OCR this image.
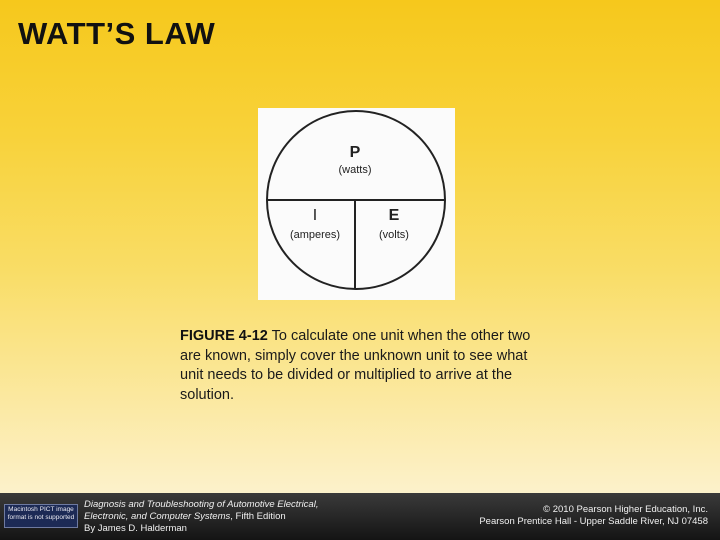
WATT’S LAW
P
(watts)
I
(amperes)
E
(volts)
FIGURE 4-12 To calculate one unit when the other two are known, simply cover the unknown unit to see what unit needs to be divided or multiplied to arrive at the solution.
Macintosh PICT image format is not supported
Diagnosis and Troubleshooting of Automotive Electrical,
Electronic, and Computer Systems, Fifth Edition
By James D. Halderman
© 2010 Pearson Higher Education, Inc.
Pearson Prentice Hall - Upper Saddle River, NJ 07458
